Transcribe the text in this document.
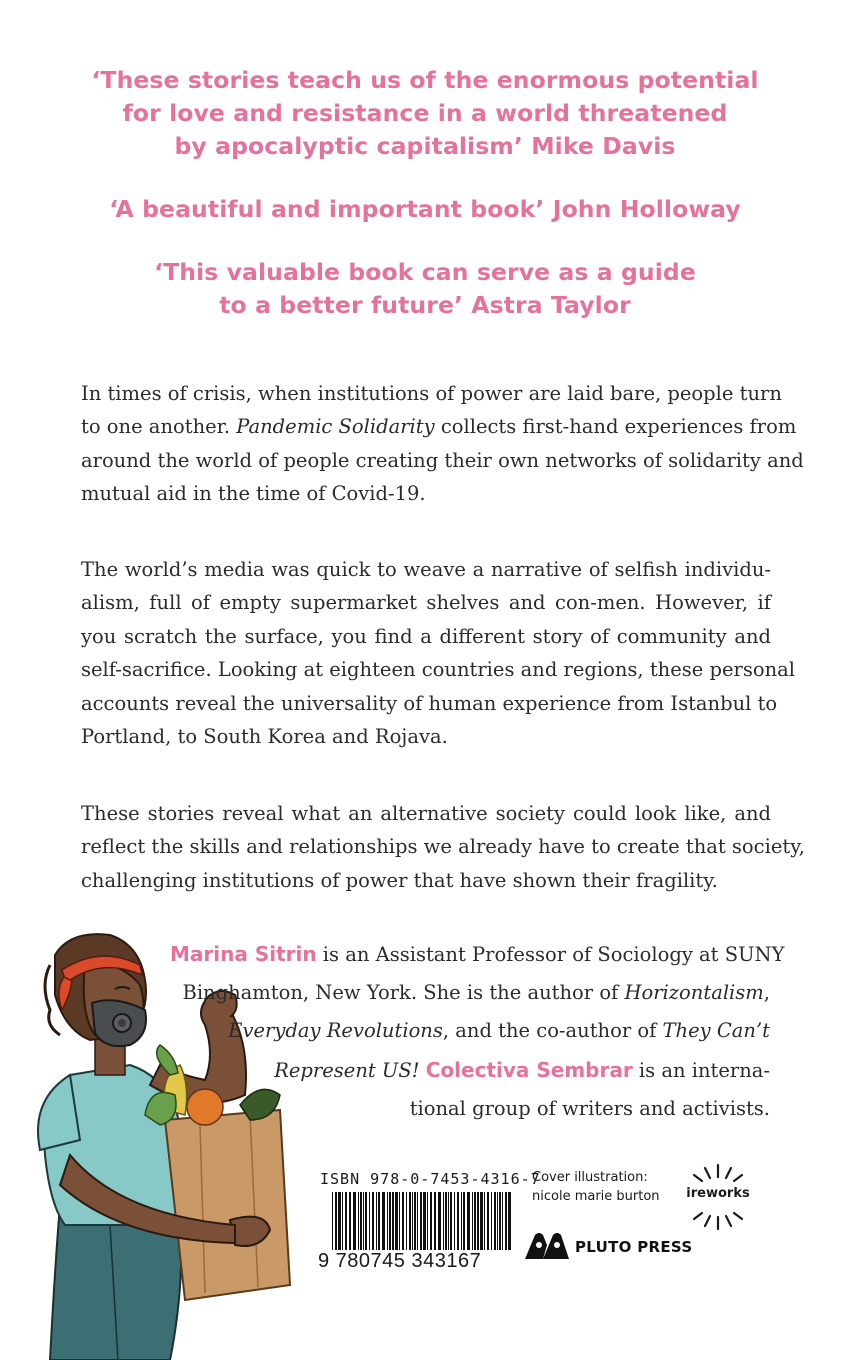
‘These stories teach us of the enormous potential
for love and resistance in a world threatened
by apocalyptic capitalism’ Mike Davis

‘A beautiful and important book’ John Holloway

‘This valuable book can serve as a guide
to a better future’ Astra Taylor

In times of crisis, when institutions of power are laid bare, people turn
to one another. Pandemic Solidarity collects first-hand experiences from
around the world of people creating their own networks of solidarity and
mutual aid in the time of Covid-19.
The world’s media was quick to weave a narrative of selfish individu-
alism, full of empty supermarket shelves and con-men. However, if
you scratch the surface, you find a different story of community and
self-sacrifice. Looking at eighteen countries and regions, these personal
accounts reveal the universality of human experience from Istanbul to
Portland, to South Korea and Rojava.
These stories reveal what an alternative society could look like, and
reflect the skills and relationships we already have to create that society,
challenging institutions of power that have shown their fragility.
Marina Sitrin is an Assistant Professor of Sociology at SUNY
Binghamton, New York. She is the author of Horizontalism,
Everyday Revolutions, and the co-author of They Can’t
Represent US! Colectiva Sembrar is an interna-
tional group of writers and activists.
ISBN 978-0-7453-4316-7
9 780745 343167
Cover illustration:
nicole marie burton ireworks
PLUTO PRESS
